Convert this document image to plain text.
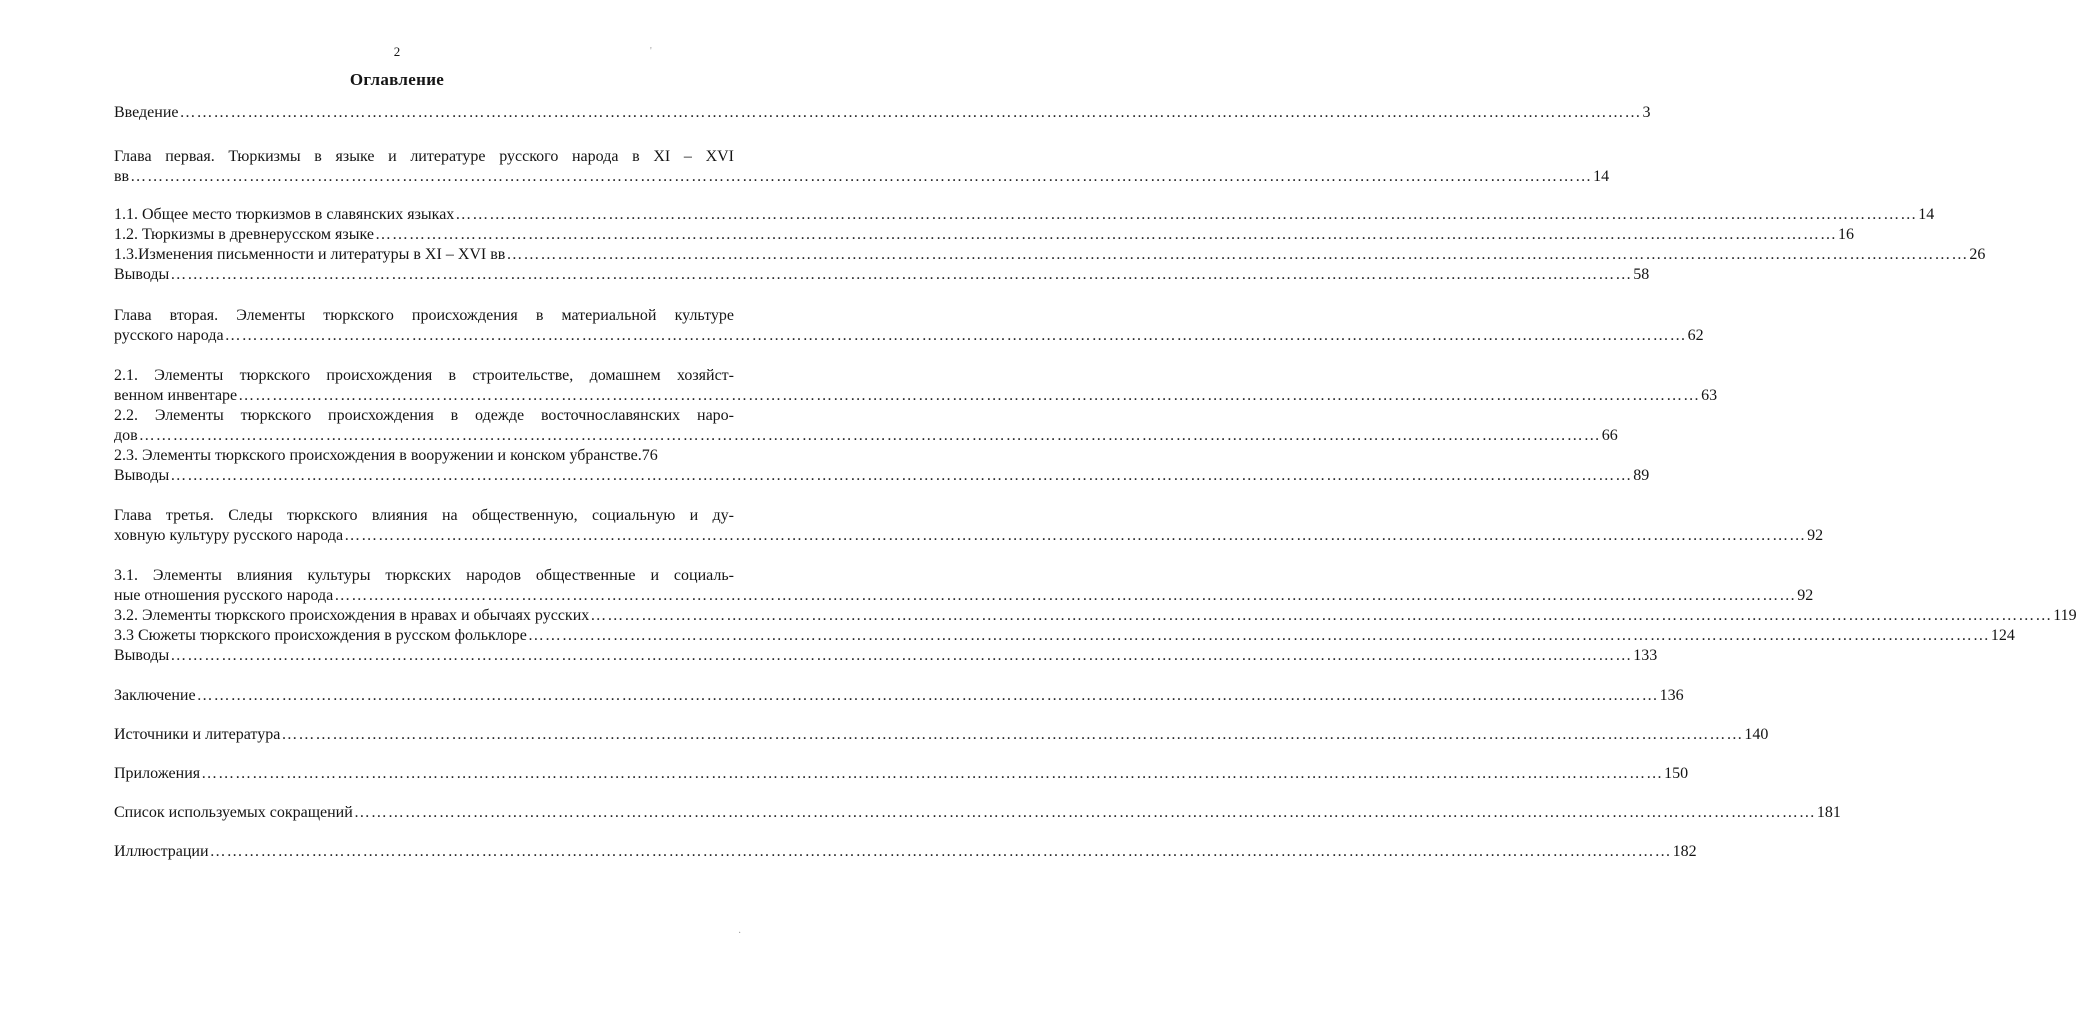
2
Оглавление
Введение …………………………………………………………………………………………………………………………………………………………………………………………………………………………………… 3
Глава первая. Тюркизмы в языке и литературе русского народа в XI – XVI
вв …………………………………………………………………………………………………………………………………………………………………………………………………………………………………… 14
1.1. Общее место тюркизмов в славянских языках …………………………………………………………………………………………………………………………………………………………………………………………………………………………………… 14
1.2. Тюркизмы в древнерусском языке …………………………………………………………………………………………………………………………………………………………………………………………………………………………………… 16
1.3.Изменения письменности и литературы в XI – XVI вв …………………………………………………………………………………………………………………………………………………………………………………………………………………………………… 26
Выводы …………………………………………………………………………………………………………………………………………………………………………………………………………………………………… 58
Глава вторая. Элементы тюркского происхождения в материальной культуре
русского народа …………………………………………………………………………………………………………………………………………………………………………………………………………………………………… 62
2.1. Элементы тюркского происхождения в строительстве, домашнем хозяйст-
венном инвентаре …………………………………………………………………………………………………………………………………………………………………………………………………………………………………… 63
2.2. Элементы тюркского происхождения в одежде восточнославянских наро-
дов …………………………………………………………………………………………………………………………………………………………………………………………………………………………………… 66
2.3. Элементы тюркского происхождения в вооружении и конском убранстве. 76
Выводы …………………………………………………………………………………………………………………………………………………………………………………………………………………………………… 89
Глава третья. Следы тюркского влияния на общественную, социальную и ду-
ховную культуру русского народа …………………………………………………………………………………………………………………………………………………………………………………………………………………………………… 92
3.1. Элементы влияния культуры тюркских народов общественные и социаль-
ные отношения русского народа …………………………………………………………………………………………………………………………………………………………………………………………………………………………………… 92
3.2. Элементы тюркского происхождения в нравах и обычаях русских …………………………………………………………………………………………………………………………………………………………………………………………………………………………………… 119
3.3 Сюжеты тюркского происхождения в русском фольклоре …………………………………………………………………………………………………………………………………………………………………………………………………………………………………… 124
Выводы …………………………………………………………………………………………………………………………………………………………………………………………………………………………………… 133
Заключение …………………………………………………………………………………………………………………………………………………………………………………………………………………………………… 136
Источники и литература …………………………………………………………………………………………………………………………………………………………………………………………………………………………………… 140
Приложения …………………………………………………………………………………………………………………………………………………………………………………………………………………………………… 150
Список используемых сокращений …………………………………………………………………………………………………………………………………………………………………………………………………………………………………… 181
Иллюстрации …………………………………………………………………………………………………………………………………………………………………………………………………………………………………… 182
'
·
